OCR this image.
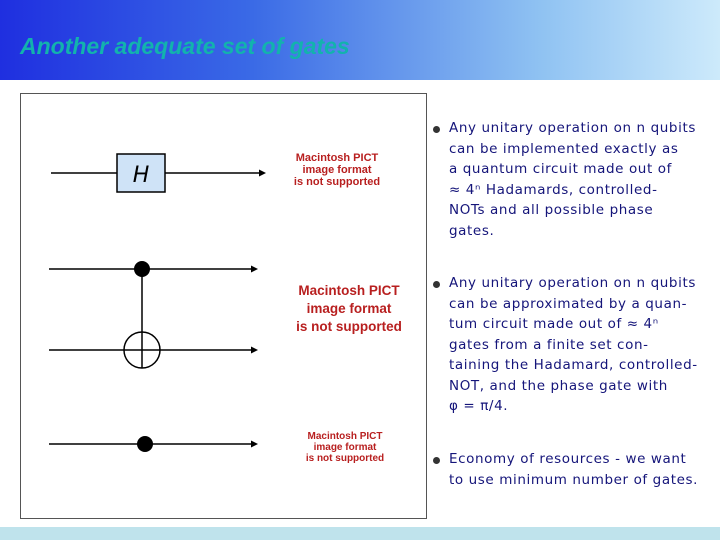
Another adequate set of gates
H
Macintosh PICT
image format
is not supported
Macintosh PICT
image format
is not supported
Macintosh PICT
image format
is not supported
Any unitary operation on n qubits
can be implemented exactly as
a quantum circuit made out of
≈ 4ⁿ Hadamards, controlled-
NOTs and all possible phase
gates.
Any unitary operation on n qubits
can be approximated by a quan-
tum circuit made out of ≈ 4ⁿ
gates from a finite set con-
taining the Hadamard, controlled-
NOT, and the phase gate with
φ = π/4.
Economy of resources - we want
to use minimum number of gates.
